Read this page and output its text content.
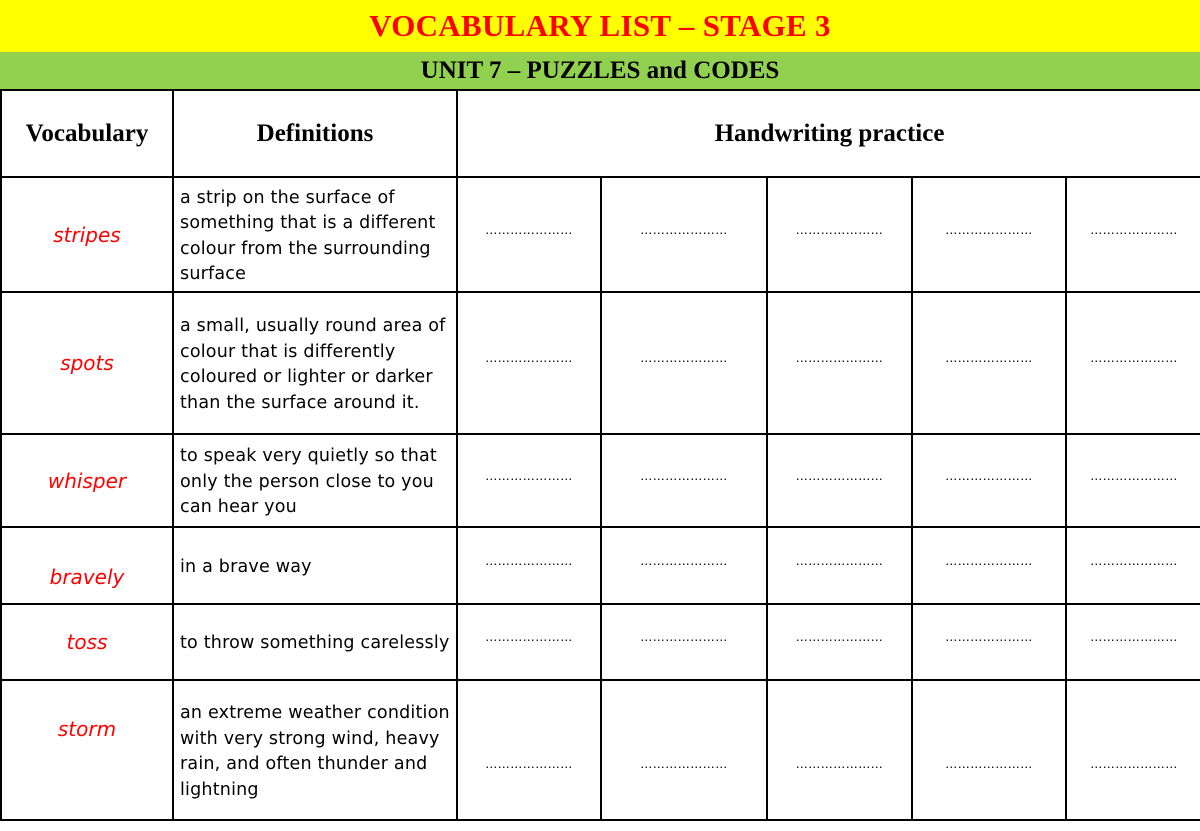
VOCABULARY LIST – STAGE 3
UNIT 7 – PUZZLES and CODES
Vocabulary	Definitions	Handwriting practice				
stripes	a strip on the surface of something that is a different colour from the surrounding surface	…………………	…………………	…………………	…………………	…………………
spots	a small, usually round area of colour that is differently coloured or lighter or darker than the surface around it.	…………………	…………………	…………………	…………………	…………………
whisper	to speak very quietly so that only the person close to you can hear you	…………………	…………………	…………………	…………………	…………………
bravely	in a brave way	…………………	…………………	…………………	…………………	…………………
toss	to throw something carelessly	…………………	…………………	…………………	…………………	…………………
storm	an extreme weather condition with very strong wind, heavy rain, and often thunder and lightning	…………………	…………………	…………………	…………………	…………………
